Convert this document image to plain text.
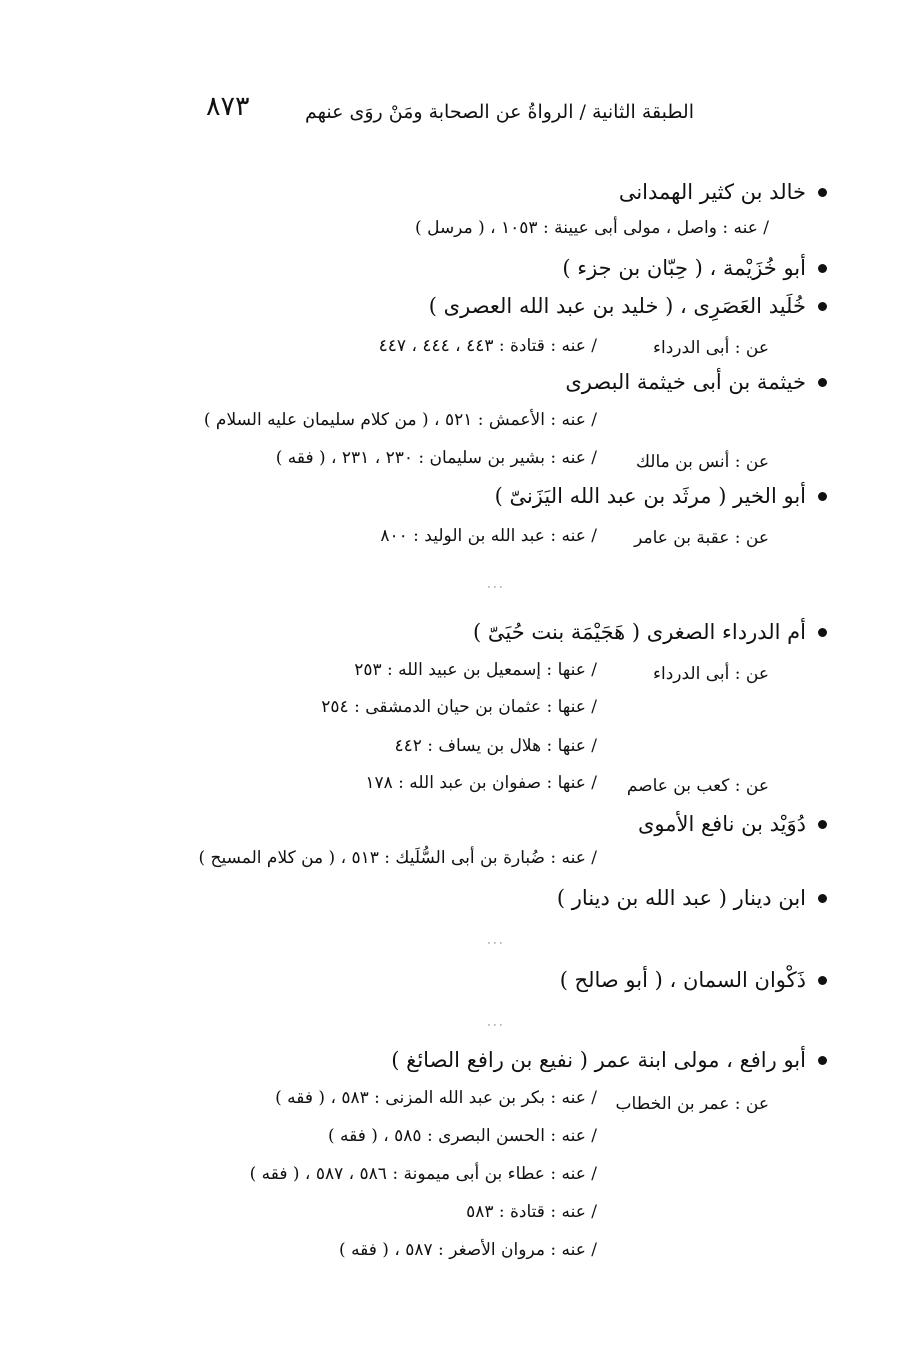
٨٧٣	الطبقة الثانية / الرواةُ عن الصحابة ومَنْ روَى عنهم
خالد بن كثير الهمدانى
/ عنه : واصل ، مولى أبى عيينة : ١٠٥٣ ، ( مرسل )
أبو خُزَيْمة ، ( حِبّان بن جزء )
خُلَيد العَصَرِى ، ( خليد بن عبد الله العصرى )
عن : أبى الدرداء
/ عنه : قتادة : ٤٤٣ ، ٤٤٤ ، ٤٤٧
خيثمة بن أبى خيثمة البصرى
/ عنه : الأعمش : ٥٢١ ، ( من كلام سليمان عليه السلام )
عن : أنس بن مالك
/ عنه : بشير بن سليمان : ٢٣٠ ، ٢٣١ ، ( فقه )
أبو الخير ( مرثَد بن عبد الله اليَزَنىّ )
عن : عقبة بن عامر
/ عنه : عبد الله بن الوليد : ٨٠٠
٠٠٠
أم الدرداء الصغرى ( هَجَيْمَة بنت حُيَىّ )
عن : أبى الدرداء
/ عنها : إسمعيل بن عبيد الله : ٢٥٣
/ عنها : عثمان بن حيان الدمشقى : ٢٥٤
/ عنها : هلال بن يساف : ٤٤٢
عن : كعب بن عاصم
/ عنها : صفوان بن عبد الله : ١٧٨
دُوَيْد بن نافع الأموى
/ عنه : ضُبارة بن أبى السُّلَيك : ٥١٣ ، ( من كلام المسيح )
ابن دينار ( عبد الله بن دينار )
٠٠٠
ذَكْوان السمان ، ( أبو صالح )
٠٠٠
أبو رافع ، مولى ابنة عمر ( نفيع بن رافع الصائغ )
عن : عمر بن الخطاب
/ عنه : بكر بن عبد الله المزنى : ٥٨٣ ، ( فقه )
/ عنه : الحسن البصرى : ٥٨٥ ، ( فقه )
/ عنه : عطاء بن أبى ميمونة : ٥٨٦ ، ٥٨٧ ، ( فقه )
/ عنه : قتادة : ٥٨٣
/ عنه : مروان الأصغر : ٥٨٧ ، ( فقه )
